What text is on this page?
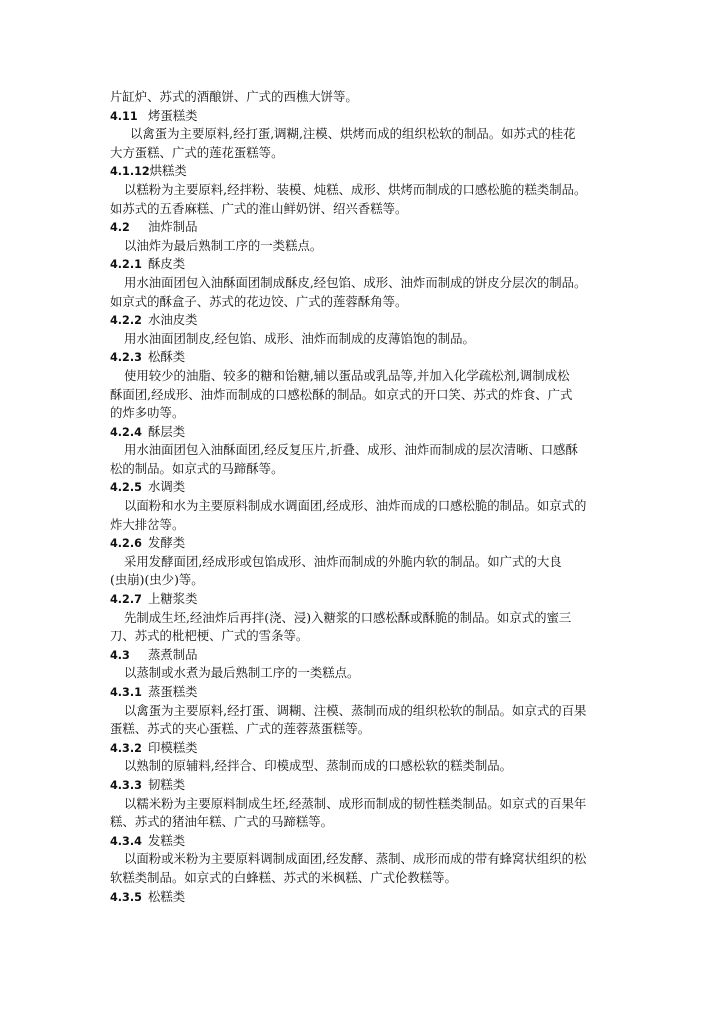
片缸炉、苏式的酒酿饼、广式的西樵大饼等。
4.11 烤蛋糕类
以禽蛋为主要原料,经打蛋,调糊,注模、烘烤而成的组织松软的制品。如苏式的桂花
大方蛋糕、广式的莲花蛋糕等。
4.1.12烘糕类
以糕粉为主要原料,经拌粉、装模、炖糕、成形、烘烤而制成的口感松脆的糕类制品。
如苏式的五香麻糕、广式的淮山鲜奶饼、绍兴香糕等。
4.2 油炸制品
以油炸为最后熟制工序的一类糕点。
4.2.1 酥皮类
用水油面团包入油酥面团制成酥皮,经包馅、成形、油炸而制成的饼皮分层次的制品。
如京式的酥盒子、苏式的花边饺、广式的莲蓉酥角等。
4.2.2 水油皮类
用水油面团制皮,经包馅、成形、油炸而制成的皮薄馅饱的制品。
4.2.3 松酥类
使用较少的油脂、较多的糖和饴糖,辅以蛋品或乳品等,并加入化学疏松剂,调制成松
酥面团,经成形、油炸而制成的口感松酥的制品。如京式的开口笑、苏式的炸食、广式
的炸多叻等。
4.2.4 酥层类
用水油面团包入油酥面团,经反复压片,折叠、成形、油炸而制成的层次清晰、口感酥
松的制品。如京式的马蹄酥等。
4.2.5 水调类
以面粉和水为主要原料制成水调面团,经成形、油炸而成的口感松脆的制品。如京式的
炸大排岔等。
4.2.6 发酵类
采用发酵面团,经成形或包馅成形、油炸而制成的外脆内软的制品。如广式的大良
(虫崩)(虫少)等。
4.2.7 上糖浆类
先制成生坯,经油炸后再拌(浇、浸)入糖浆的口感松酥或酥脆的制品。如京式的蜜三
刀、苏式的枇杷梗、广式的雪条等。
4.3 蒸煮制品
以蒸制或水煮为最后熟制工序的一类糕点。
4.3.1 蒸蛋糕类
以禽蛋为主要原料,经打蛋、调糊、注模、蒸制而成的组织松软的制品。如京式的百果
蛋糕、苏式的夹心蛋糕、广式的莲蓉蒸蛋糕等。
4.3.2 印模糕类
以熟制的原辅料,经拌合、印模成型、蒸制而成的口感松软的糕类制品。
4.3.3 韧糕类
以糯米粉为主要原料制成生坯,经蒸制、成形而制成的韧性糕类制品。如京式的百果年
糕、苏式的猪油年糕、广式的马蹄糕等。
4.3.4 发糕类
以面粉或米粉为主要原料调制成面团,经发酵、蒸制、成形而成的带有蜂窝状组织的松
软糕类制品。如京式的白蜂糕、苏式的米枫糕、广式伦教糕等。
4.3.5 松糕类
